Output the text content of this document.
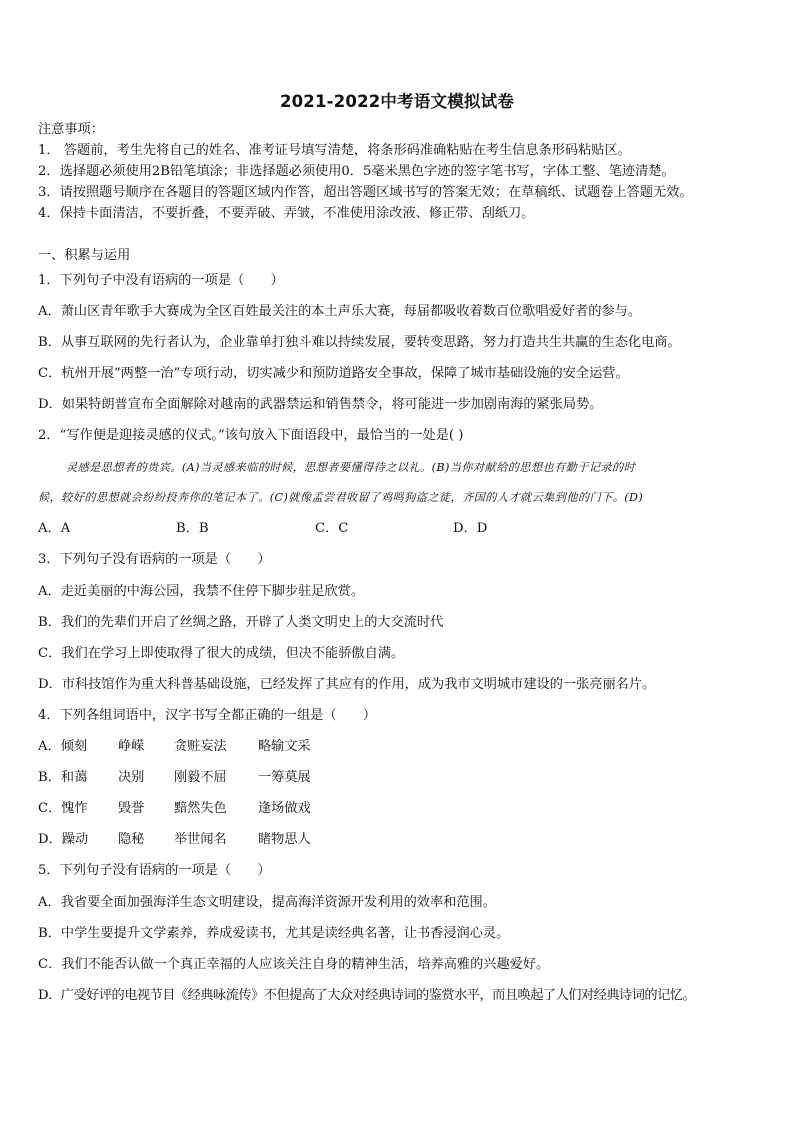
2021-2022中考语文模拟试卷
注意事项：
1． 答题前，考生先将自己的姓名、准考证号填写清楚，将条形码准确粘贴在考生信息条形码粘贴区。
2．选择题必须使用2B铅笔填涂；非选择题必须使用0．5毫米黑色字迹的签字笔书写，字体工整、笔迹清楚。
3．请按照题号顺序在各题目的答题区域内作答，超出答题区域书写的答案无效；在草稿纸、试题卷上答题无效。
4．保持卡面清洁，不要折叠，不要弄破、弄皱，不准使用涂改液、修正带、刮纸刀。
一、积累与运用
1．下列句子中没有语病的一项是（　　）
A．萧山区青年歌手大赛成为全区百姓最关注的本土声乐大赛，每届都吸收着数百位歌唱爱好者的参与。
B．从事互联网的先行者认为，企业靠单打独斗难以持续发展，要转变思路，努力打造共生共赢的生态化电商。
C．杭州开展“两整一治”专项行动，切实减少和预防道路安全事故，保障了城市基础设施的安全运营。
D．如果特朗普宣布全面解除对越南的武器禁运和销售禁令，将可能进一步加剧南海的紧张局势。
2．“写作便是迎接灵感的仪式。”该句放入下面语段中，最恰当的一处是( )
灵感是思想者的贵宾。(A)当灵感来临的时候，思想者要懂得待之以礼。(B)当你对献给的思想也有勤于记录的时
候，较好的思想就会纷纷投奔你的笔记本了。(C)就像孟尝君收留了鸡鸣狗盗之徒，齐国的人才就云集到他的门下。(D)
A．A	B．B	C．C	D．D
3．下列句子没有语病的一项是（　　）
A．走近美丽的中海公园，我禁不住停下脚步驻足欣赏。
B．我们的先辈们开启了丝绸之路，开辟了人类文明史上的大交流时代
C．我们在学习上即使取得了很大的成绩，但决不能骄傲自满。
D．市科技馆作为重大科普基础设施，已经发挥了其应有的作用，成为我市文明城市建设的一张亮丽名片。
4．下列各组词语中，汉字书写全都正确的一组是（　　）
A．倾刻 峥嵘 贪赃妄法 略输文采
B．和蔼 决别 刚毅不屈 一筹莫展
C．愧怍 毁誉 黯然失色 逢场做戏
D．躁动 隐秘 举世闻名 睹物思人
5．下列句子没有语病的一项是（　　）
A．我省要全面加强海洋生态文明建设，提高海洋资源开发利用的效率和范围。
B．中学生要提升文学素养，养成爱读书，尤其是读经典名著，让书香浸润心灵。
C．我们不能否认做一个真正幸福的人应该关注自身的精神生活，培养高雅的兴趣爱好。
D．广受好评的电视节目《经典咏流传》不但提高了大众对经典诗词的鉴赏水平，而且唤起了人们对经典诗词的记忆。
